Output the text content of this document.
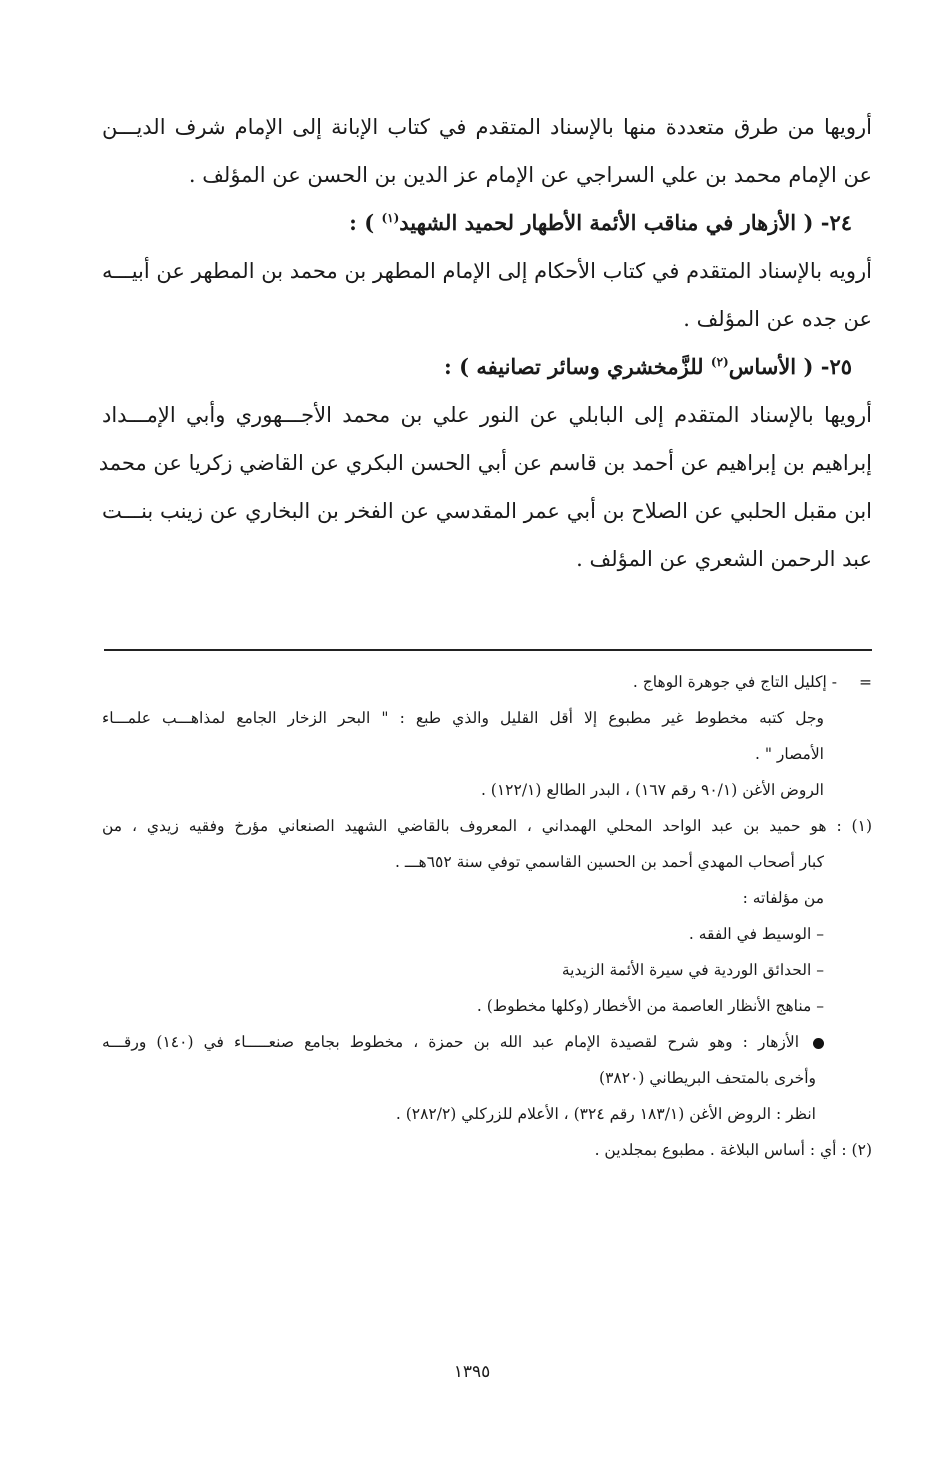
أرويها من طرق متعددة منها بالإسناد المتقدم في كتاب الإبانة إلى الإمام شرف الديـــن
عن الإمام محمد بن علي السراجي عن الإمام عز الدين بن الحسن عن المؤلف .
٢٤- ( الأزهار في مناقب الأئمة الأطهار لحميد الشهيد$^{(١)}$ ) :
أرويه بالإسناد المتقدم في كتاب الأحكام إلى الإمام المطهر بن محمد بن المطهر عن أبيـــه
عن جده عن المؤلف .
٢٥- ( الأساس$^{(٢)}$ للزَّمخشري وسائر تصانيفه ) :
أرويها بالإسناد المتقدم إلى البابلي عن النور علي بن محمد الأجـــهوري وأبي الإمـــداد
إبراهيم بن إبراهيم عن أحمد بن قاسم عن أبي الحسن البكري عن القاضي زكريا عن محمد
ابن مقبل الحلبي عن الصلاح بن أبي عمر المقدسي عن الفخر بن البخاري عن زينب بنـــت
عبد الرحمن الشعري عن المؤلف .
=- إكليل التاج في جوهرة الوهاج .
وجل كتبه مخطوط غير مطبوع إلا أقل القليل والذي طبع : " البحر الزخار الجامع لمذاهـــب علمـــاء
الأمصار " .
الروض الأغن (٩٠/١ رقم ١٦٧) ، البدر الطالع (١٢٢/١) .
(١) : هو حميد بن عبد الواحد المحلي الهمداني ، المعروف بالقاضي الشهيد الصنعاني مؤرخ وفقيه زيدي ، من
كبار أصحاب المهدي أحمد بن الحسين القاسمي توفي سنة ٦٥٢هـــ .
من مؤلفاته :
– الوسيط في الفقه .
– الحدائق الوردية في سيرة الأئمة الزيدية
– مناهج الأنظار العاصمة من الأخطار (وكلها مخطوط) .
الأزهار : وهو شرح لقصيدة الإمام عبد الله بن حمزة ، مخطوط بجامع صنعـــــاء في (١٤٠) ورقـــه
وأخرى بالمتحف البريطاني (٣٨٢٠)
انظر : الروض الأغن (١٨٣/١ رقم ٣٢٤) ، الأعلام للزركلي (٢٨٢/٢) .
(٢) : أي : أساس البلاغة . مطبوع بمجلدين .
١٣٩٥
